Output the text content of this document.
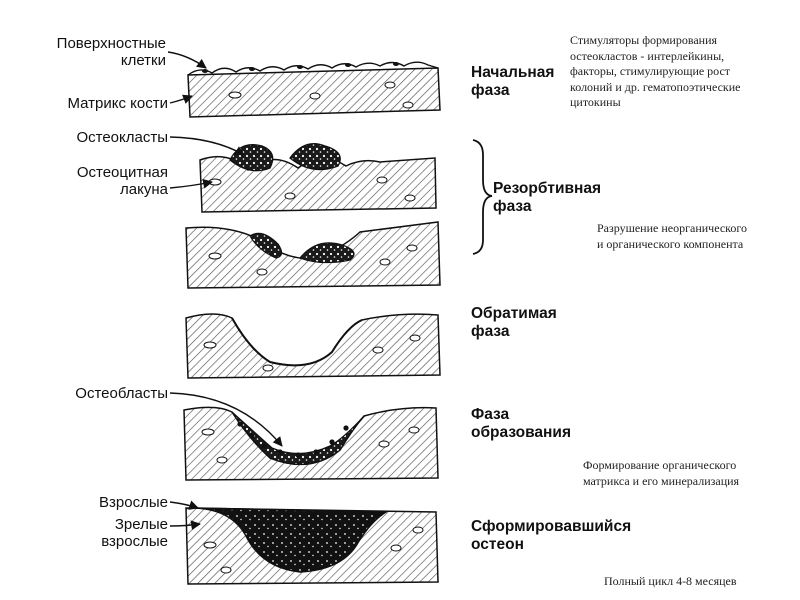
Поверхностные
клетки
Матрикс кости
Остеокласты
Остеоцитная
лакуна
Остеобласты
Взрослые
Зрелые
взрослые
Начальная
фаза
Резорбтивная
фаза
Обратимая
фаза
Фаза
образования
Сформировавшийся
остеон
Стимуляторы формирования
остеокластов - интерлейкины,
факторы, стимулирующие рост
колоний и др. гематопоэтические
цитокины
Разрушение неорганического
и органического компонента
Формирование органического
матрикса и его минерализация
Полный цикл 4-8 месяцев
